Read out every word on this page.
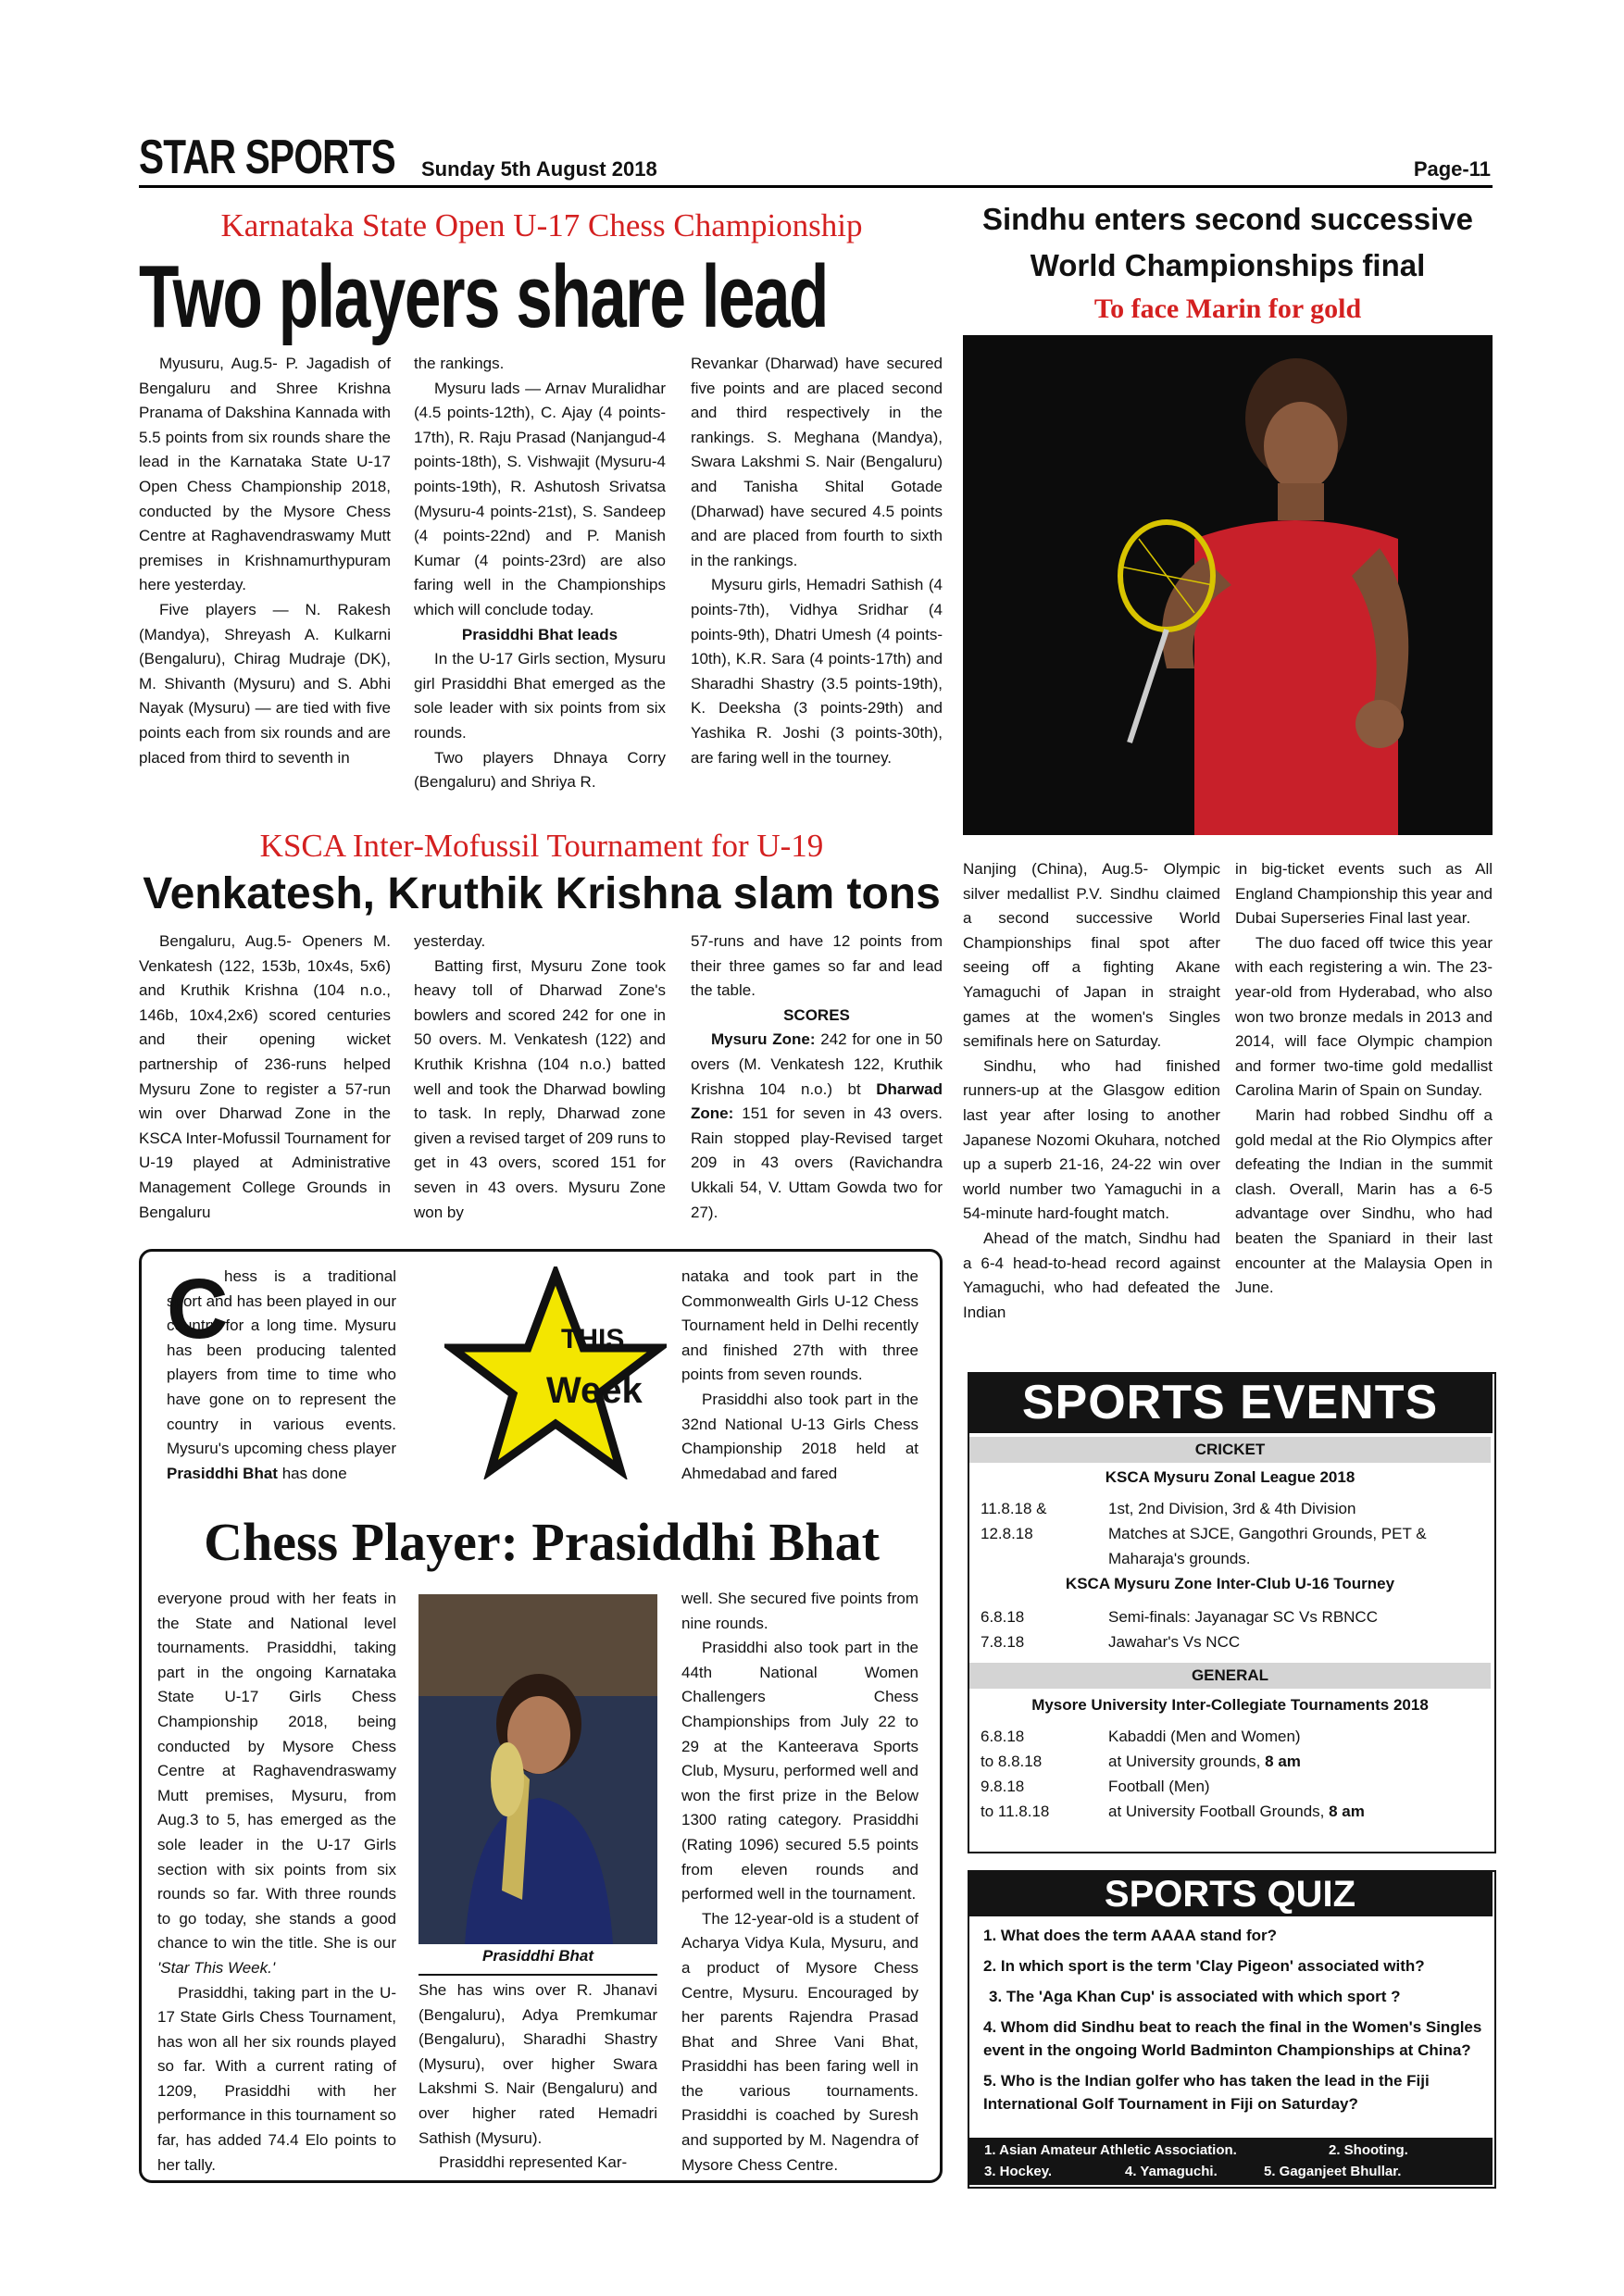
STAR SPORTS Sunday 5th August 2018	Page-11
Karnataka State Open U-17 Chess Championship
Two players share lead

Myusuru, Aug.5- P. Jagadish of Bengaluru and Shree Krishna Pranama of Dakshina Kannada with 5.5 points from six rounds share the lead in the Karnataka State U-17 Open Chess Championship 2018, conducted by the Mysore Chess Centre at Raghavendraswamy Mutt premises in Krishnamurthypuram here yesterday.

Five players — N. Rakesh (Mandya), Shreyash A. Kulkarni (Bengaluru), Chirag Mudraje (DK), M. Shivanth (Mysuru) and S. Abhi Nayak (Mysuru) — are tied with five points each from six rounds and are placed from third to seventh in

the rankings.

Mysuru lads — Arnav Muralidhar (4.5 points-12th), C. Ajay (4 points-17th), R. Raju Prasad (Nanjangud-4 points-18th), S. Vishwajit (Mysuru-4 points-19th), R. Ashutosh Srivatsa (Mysuru-4 points-21st), S. Sandeep (4 points-22nd) and P. Manish Kumar (4 points-23rd) are also faring well in the Championships which will conclude today.

Prasiddhi Bhat leads

In the U-17 Girls section, Mysuru girl Prasiddhi Bhat emerged as the sole leader with six points from six rounds.

Two players Dhnaya Corry (Bengaluru) and Shriya R.

Revankar (Dharwad) have secured five points and are placed second and third respectively in the rankings. S. Meghana (Mandya), Swara Lakshmi S. Nair (Bengaluru) and Tanisha Shital Gotade (Dharwad) have secured 4.5 points and are placed from fourth to sixth in the rankings.

Mysuru girls, Hemadri Sathish (4 points-7th), Vidhya Sridhar (4 points-9th), Dhatri Umesh (4 points-10th), K.R. Sara (4 points-17th) and Sharadhi Shastry (3.5 points-19th), K. Deeksha (3 points-29th) and Yashika R. Joshi (3 points-30th), are faring well in the tourney.

Sindhu enters second successive
World Championships final
To face Marin for gold

Nanjing (China), Aug.5- Olympic silver medallist P.V. Sindhu claimed a second successive World Championships final spot after seeing off a fighting Akane Yamaguchi of Japan in straight games at the women's Singles semifinals here on Saturday.

Sindhu, who had finished runners-up at the Glasgow edition last year after losing to another Japanese Nozomi Okuhara, notched up a superb 21-16, 24-22 win over world number two Yamaguchi in a 54-minute hard-fought match.

Ahead of the match, Sindhu had a 6-4 head-to-head record against Yamaguchi, who had defeated the Indian

in big-ticket events such as All England Championship this year and Dubai Superseries Final last year.

The duo faced off twice this year with each registering a win. The 23-year-old from Hyderabad, who also won two bronze medals in 2013 and 2014, will face Olympic champion and former two-time gold medallist Carolina Marin of Spain on Sunday.

Marin had robbed Sindhu off a gold medal at the Rio Olympics after defeating the Indian in the summit clash. Overall, Marin has a 6-5 advantage over Sindhu, who had beaten the Spaniard in their last encounter at the Malaysia Open in June.

KSCA Inter-Mofussil Tournament for U-19
Venkatesh, Kruthik Krishna slam tons

Bengaluru, Aug.5- Openers M. Venkatesh (122, 153b, 10x4s, 5x6) and Kruthik Krishna (104 n.o., 146b, 10x4,2x6) scored centuries and their opening wicket partnership of 236-runs helped Mysuru Zone to register a 57-run win over Dharwad Zone in the KSCA Inter-Mofussil Tournament for U-19 played at Administrative Management College Grounds in Bengaluru

yesterday.

Batting first, Mysuru Zone took heavy toll of Dharwad Zone's bowlers and scored 242 for one in 50 overs. M. Venkatesh (122) and Kruthik Krishna (104 n.o.) batted well and took the Dharwad bowling to task. In reply, Dharwad zone given a revised target of 209 runs to get in 43 overs, scored 151 for seven in 43 overs. Mysuru Zone won by

57-runs and have 12 points from their three games so far and lead the table.

SCORES

Mysuru Zone: 242 for one in 50 overs (M. Venkatesh 122, Kruthik Krishna 104 n.o.) bt Dharwad Zone: 151 for seven in 43 overs. Rain stopped play-Revised target 209 in 43 overs (Ravichandra Ukkali 54, V. Uttam Gowda two for 27).

THIS
Week
C

hess is a traditional sport and has been played in our country for a long time. Mysuru has been producing talented players from time to time who have gone on to represent the country in various events. Mysuru's upcoming chess player Prasiddhi Bhat has done

nataka and took part in the Commonwealth Girls U-12 Chess Tournament held in Delhi recently and finished 27th with three points from seven rounds.

Prasiddhi also took part in the 32nd National U-13 Girls Chess Championship 2018 held at Ahmedabad and fared

Chess Player: Prasiddhi Bhat

everyone proud with her feats in the State and National level tournaments. Prasiddhi, taking part in the ongoing Karnataka State U-17 Girls Chess Championship 2018, being conducted by Mysore Chess Centre at Raghavendraswamy Mutt premises, Mysuru, from Aug.3 to 5, has emerged as the sole leader in the U-17 Girls section with six points from six rounds so far. With three rounds to go today, she stands a good chance to win the title. She is our 'Star This Week.'

Prasiddhi, taking part in the U-17 State Girls Chess Tournament, has won all her six rounds played so far. With a current rating of 1209, Prasiddhi with her performance in this tournament so far, has added 74.4 Elo points to her tally.

Prasiddhi Bhat

She has wins over R. Jhanavi (Bengaluru), Adya Premkumar (Bengaluru), Sharadhi Shastry (Mysuru), over higher Swara Lakshmi S. Nair (Bengaluru) and over higher rated Hemadri Sathish (Mysuru).

Prasiddhi represented Kar-

well. She secured five points from nine rounds.

Prasiddhi also took part in the 44th National Women Challengers Chess Championships from July 22 to 29 at the Kanteerava Sports Club, Mysuru, performed well and won the first prize in the Below 1300 rating category. Prasiddhi (Rating 1096) secured 5.5 points from eleven rounds and performed well in the tournament.

The 12-year-old is a student of Acharya Vidya Kula, Mysuru, and a product of Mysore Chess Centre, Mysuru. Encouraged by her parents Rajendra Prasad Bhat and Shree Vani Bhat, Prasiddhi has been faring well in the various tournaments. Prasiddhi is coached by Suresh and supported by M. Nagendra of Mysore Chess Centre.

SPORTS EVENTS
CRICKET
KSCA Mysuru Zonal League 2018
11.8.18 &	1st, 2nd Division, 3rd & 4th Division
12.8.18	Matches at SJCE, Gangothri Grounds, PET &
Maharaja's grounds.
KSCA Mysuru Zone Inter-Club U-16 Tourney
6.8.18	Semi-finals: Jayanagar SC Vs RBNCC
7.8.18	Jawahar's Vs NCC
GENERAL
Mysore University Inter-Collegiate Tournaments 2018
6.8.18	Kabaddi (Men and Women)
to 8.8.18	at University grounds, 8 am
9.8.18	Football (Men)
to 11.8.18	at University Football Grounds, 8 am
SPORTS QUIZ
1. What does the term AAAA stand for?
2. In which sport is the term 'Clay Pigeon' associated with?
3. The 'Aga Khan Cup' is associated with which sport ?
4. Whom did Sindhu beat to reach the final in the Women's Singles event in the ongoing World Badminton Championships at China?
5. Who is the Indian golfer who has taken the lead in the Fiji International Golf Tournament in Fiji on Saturday?
1. Asian Amateur Athletic Association.	2. Shooting.
3. Hockey.	4. Yamaguchi.	5. Gaganjeet Bhullar.
